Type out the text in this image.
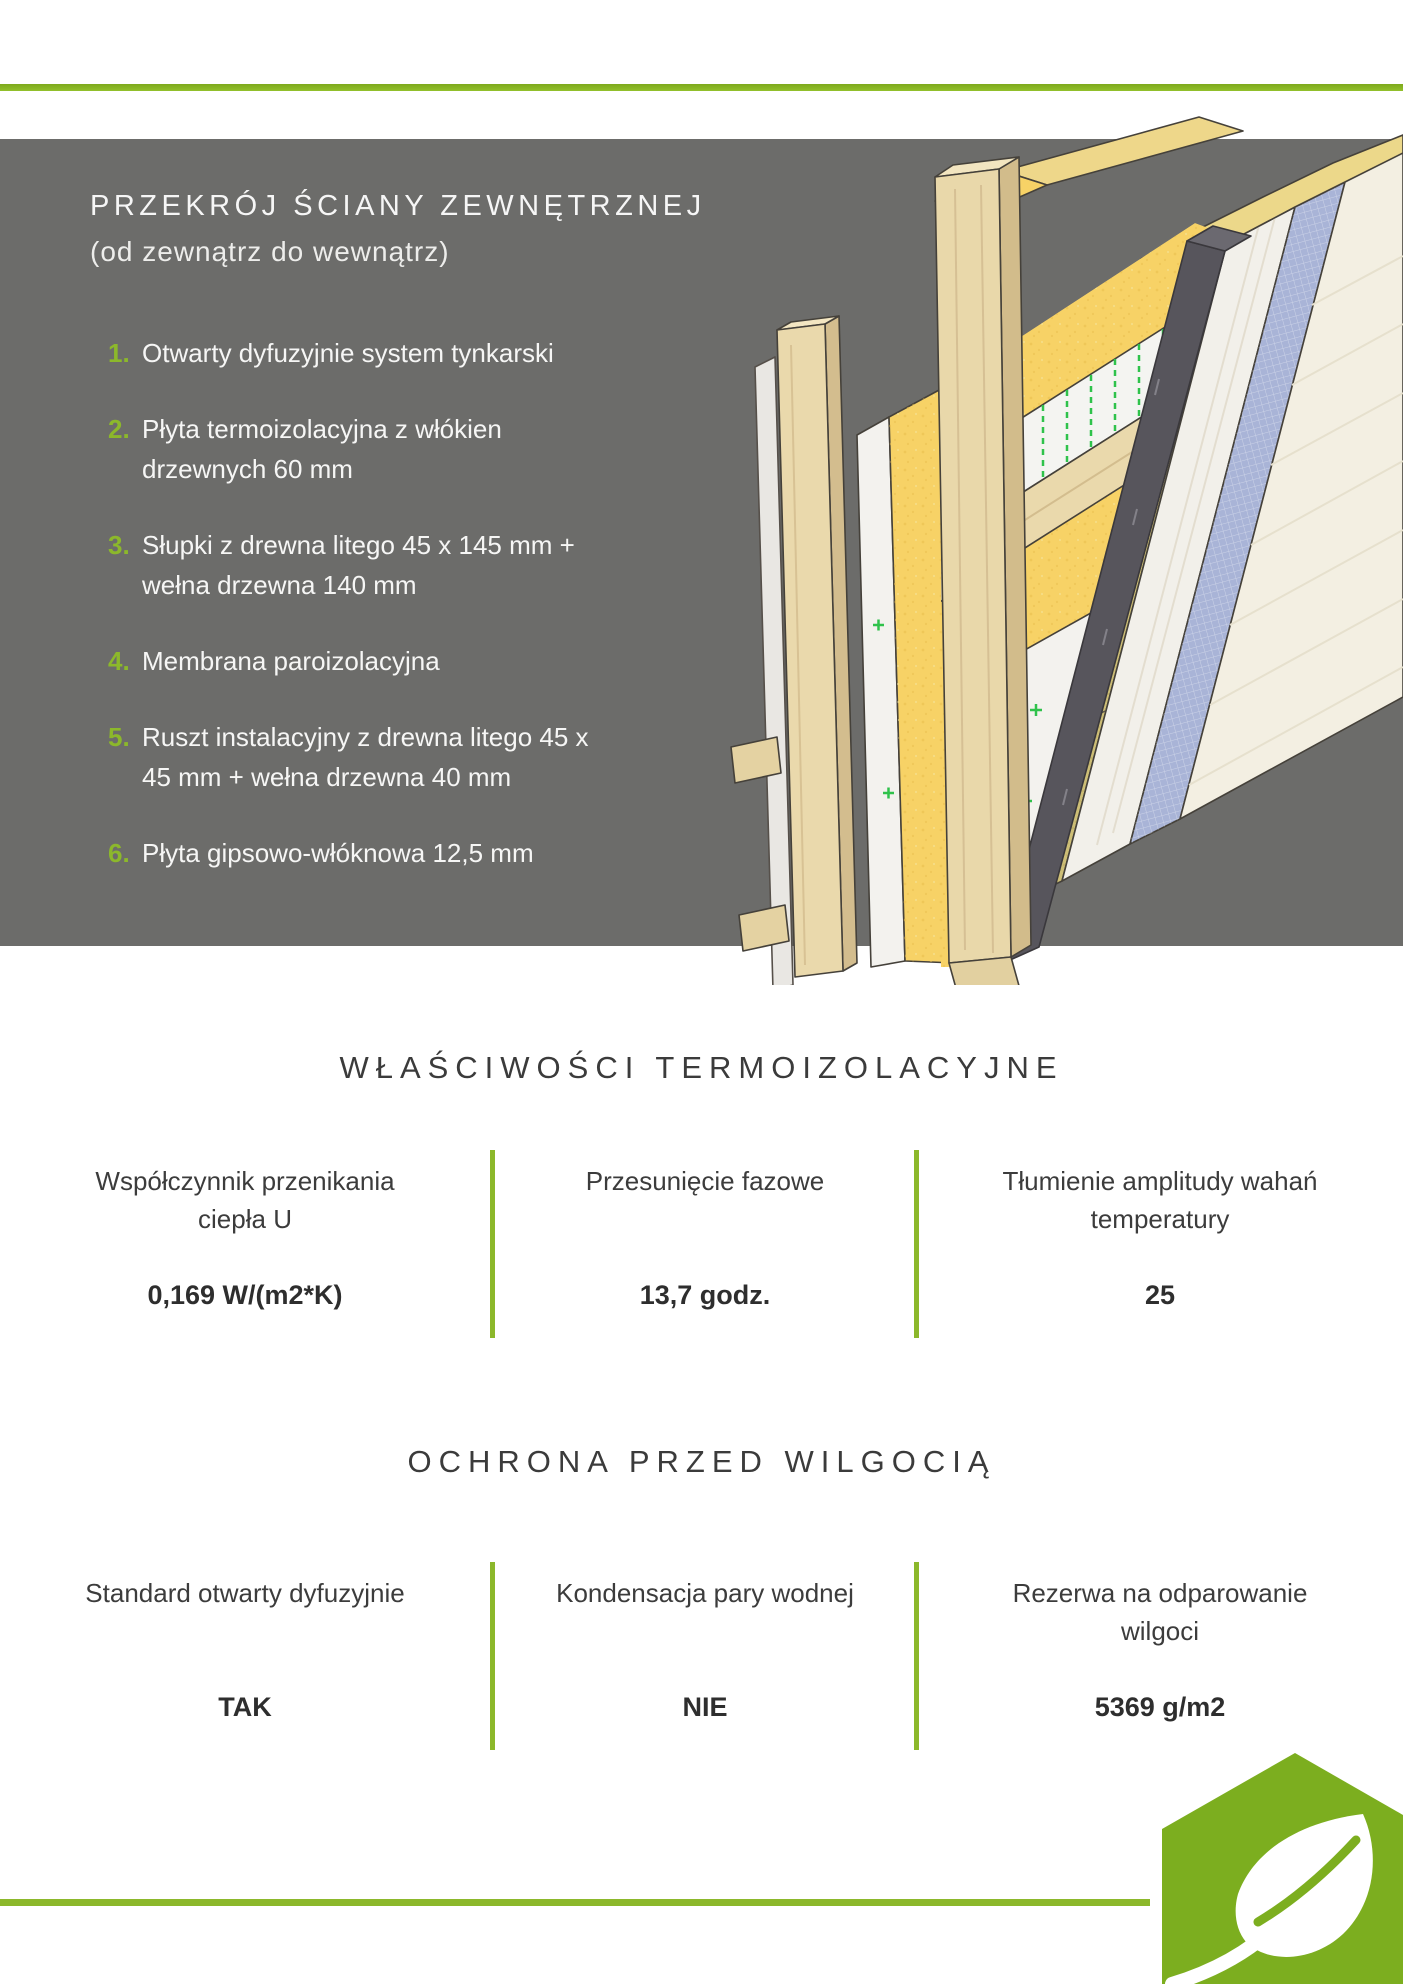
PRZEKRÓJ ŚCIANY ZEWNĘTRZNEJ
(od zewnątrz do wewnątrz)
1. Otwarty dyfuzyjnie system tynkarski
2. Płyta termoizolacyjna z włókien drzewnych 60 mm
3. Słupki z drewna litego 45 x 145 mm + wełna drzewna 140 mm
4. Membrana paroizolacyjna
5. Ruszt instalacyjny z drewna litego 45 x 45 mm + wełna drzewna 40 mm
6. Płyta gipsowo-włóknowa 12,5 mm
WŁAŚCIWOŚCI TERMOIZOLACYJNE
Współczynnik przenikania ciepła U
0,169 W/(m2*K)
Przesunięcie fazowe
13,7 godz.
Tłumienie amplitudy wahań temperatury
25
OCHRONA PRZED WILGOCIĄ
Standard otwarty dyfuzyjnie
TAK
Kondensacja pary wodnej
NIE
Rezerwa na odparowanie wilgoci
5369 g/m2
